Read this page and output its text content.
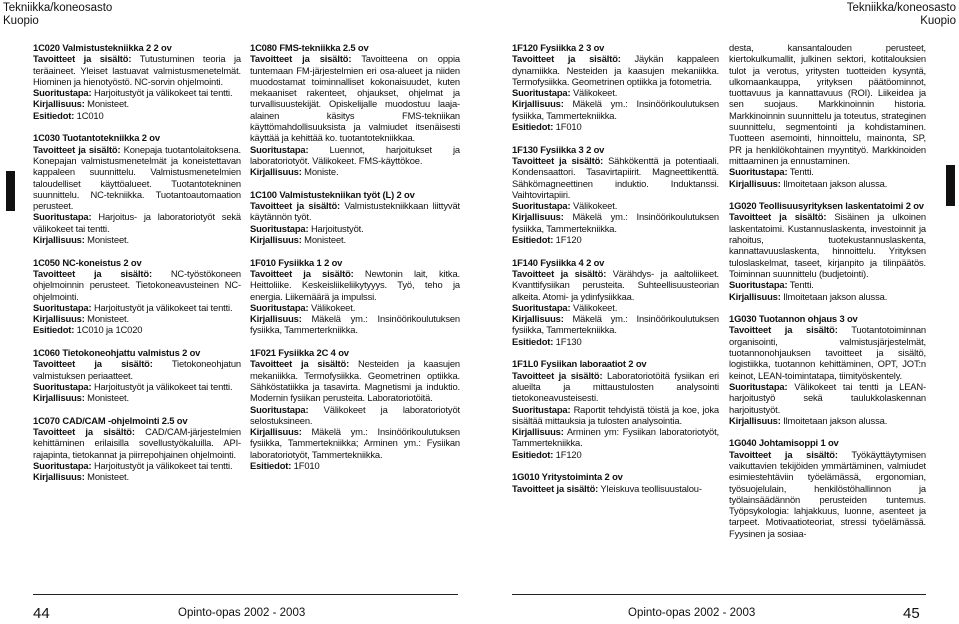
Tekniikka/koneosasto
Kuopio
Tekniikka/koneosasto
Kuopio
1C020 Valmistustekniikka 2 2 ov
Tavoitteet ja sisältö: Tutustuminen teoria ja teräaineet. Yleiset lastuavat valmistusmenetelmät. Hiominen ja hienotyöstö. NC-sorvin ohjelmointi.
Suoritustapa: Harjoitustyöt ja välikokeet tai tentti.
Kirjallisuus: Monisteet.
Esitiedot: 1C010
1C030 Tuotantotekniikka 2 ov
Tavoitteet ja sisältö: Konepaja tuotantolaitoksena. Konepajan valmistusmenetelmät ja koneistettavan kappaleen suunnittelu. Valmistusmenetelmien taloudelliset käyttöalueet. Tuotantotekninen suunnittelu. NC-tekniikka. Tuotantoautomaation perusteet.
Suoritustapa: Harjoitus- ja laboratoriotyöt sekä välikokeet tai tentti.
Kirjallisuus: Monisteet.
1C050 NC-koneistus 2 ov
Tavoitteet ja sisältö: NC-työstökoneen ohjelmoinnin perusteet. Tietokoneavusteinen NC-ohjelmointi.
Suoritustapa: Harjoitustyöt ja välikokeet tai tentti.
Kirjallisuus: Monisteet.
Esitiedot: 1C010 ja 1C020
1C060 Tietokoneohjattu valmistus 2 ov
Tavoitteet ja sisältö: Tietokoneohjatun valmistuksen periaatteet.
Suoritustapa: Harjoitustyöt ja välikokeet tai tentti.
Kirjallisuus: Monisteet.
1C070 CAD/CAM -ohjelmointi 2.5 ov
Tavoitteet ja sisältö: CAD/CAM-järjestelmien kehittäminen erilaisilla sovellustyökaluilla. API-rajapinta, tietokannat ja piirrepohjainen ohjelmointi.
Suoritustapa: Harjoitustyöt ja välikokeet tai tentti.
Kirjallisuus: Monisteet.
1C080 FMS-tekniikka 2.5 ov
Tavoitteet ja sisältö: Tavoitteena on oppia tuntemaan FM-järjestelmien eri osa-alueet ja niiden muodostamat toiminnalliset kokonaisuudet, kuten mekaaniset rakenteet, ohjaukset, ohjelmat ja turvallisuustekijät. Opiskelijalle muodostuu laaja-alainen käsitys FMS-tekniikan käyttömahdollisuuksista ja valmiudet itsenäisesti käyttää ja kehittää ko. tuotantotekniikkaa.
Suoritustapa: Luennot, harjoitukset ja laboratoriotyöt. Välikokeet. FMS-käyttökoe.
Kirjallisuus: Moniste.
1C100 Valmistustekniikan työt (L) 2 ov
Tavoitteet ja sisältö: Valmistustekniikkaan liittyvät käytännön työt.
Suoritustapa: Harjoitustyöt.
Kirjallisuus: Monisteet.
1F010 Fysiikka 1 2 ov
Tavoitteet ja sisältö: Newtonin lait, kitka. Heittoliike. Keskeisliikeliikytyyys. Työ, teho ja energia. Liikemäärä ja impulssi.
Suoritustapa: Välikokeet.
Kirjallisuus: Mäkelä ym.: Insinöörikoulutuksen fysiikka, Tammerterkniikka.
1F021 Fysiikka 2C 4 ov
Tavoitteet ja sisältö: Nesteiden ja kaasujen mekaniikka. Termofysiikka. Geometrinen optiikka. Sähköstatiikka ja tasavirta. Magnetismi ja induktio. Modernin fysiikan perusteita. Laboratoriotöitä.
Suoritustapa: Välikokeet ja laboratoriotyöt selostuksineen.
Kirjallisuus: Mäkelä ym.: Insinöörikoulutuksen fysiikka, Tammertekniikka; Arminen ym.: Fysiikan laboratoriotyöt, Tammertekniikka.
Esitiedot: 1F010
1F120 Fysiikka 2 3 ov
Tavoitteet ja sisältö: Jäykän kappaleen dynamiikka. Nesteiden ja kaasujen mekaniikka. Termofysiikka. Geometrinen optiikka ja fotometria.
Suoritustapa: Välikokeet.
Kirjallisuus: Mäkelä ym.: Insinöörikoulutuksen fysiikka, Tammertekniikka.
Esitiedot: 1F010
1F130 Fysiikka 3 2 ov
Tavoitteet ja sisältö: Sähkökenttä ja potentiaali. Kondensaattori. Tasavirtapiirit. Magneettikenttä. Sähkömagneettinen induktio. Induktanssi. Vaihtovirtapiiri.
Suoritustapa: Välikokeet.
Kirjallisuus: Mäkelä ym.: Insinöörikoulutuksen fysiikka, Tammertekniikka.
Esitiedot: 1F120
1F140 Fysiikka 4 2 ov
Tavoitteet ja sisältö: Värähdys- ja aaltoliikeet. Kvanttifysiikan perusteita. Suhteellisuusteorian alkeita. Atomi- ja ydinfysiikkaa.
Suoritustapa: Välikokeet.
Kirjallisuus: Mäkelä ym.: Insinöörikoulutuksen fysiikka, Tammertekniikka.
Esitiedot: 1F130
1F1L0 Fysiikan laboraatiot 2 ov
Tavoitteet ja sisältö: Laboratoriotöitä fysiikan eri alueilta ja mittaustulosten analysointi tietokoneavusteisesti.
Suoritustapa: Raportit tehdyistä töistä ja koe, joka sisältää mittauksia ja tulosten analysointia.
Kirjallisuus: Arminen ym: Fysiikan laboratoriotyöt, Tammertekniikka.
Esitiedot: 1F120
1G010 Yritystoiminta 2 ov
Tavoitteet ja sisältö: Yleiskuva teollisuustalou-
desta, kansantalouden perusteet, kiertokulkumallit, julkinen sektori, kotitalouksien tulot ja verotus, yritysten tuotteiden kysyntä, ulkomaankauppa, yrityksen päätöominnot, tuottavuus ja kannattavuus (ROI). Liikeidea ja sen suojaus. Markkinoinnin historia. Markkinoinnin suunnittelu ja toteutus, strateginen suunnittelu, segmentointi ja kohdistaminen. Tuotteen asemointi, hinnoittelu, mainonta, SP, PR ja henkilökohtainen myyntityö. Markkinoiden mittaaminen ja ennustaminen.
Suoritustapa: Tentti.
Kirjallisuus: Ilmoitetaan jakson alussa.
1G020 Teollisuusyrityksen laskentatoimi 2 ov
Tavoitteet ja sisältö: Sisäinen ja ulkoinen laskentatoimi. Kustannuslaskenta, investoinnit ja rahoitus, tuotekustannuslaskenta, kannattavuuslaskenta, hinnoittelu. Yrityksen tuloslaskelmat, taseet, kirjanpito ja tilinpäätös. Toiminnan suunnittelu (budjetointi).
Suoritustapa: Tentti.
Kirjallisuus: Ilmoitetaan jakson alussa.
1G030 Tuotannon ohjaus 3 ov
Tavoitteet ja sisältö: Tuotantotoiminnan organisointi, valmistusjärjestelmät, tuotannonohjauksen tavoitteet ja sisältö, logistiikka, tuotannon kehittäminen, OPT, JOT:n keinot, LEAN-toimintatapa, tiimityöskentely.
Suoritustapa: Välikokeet tai tentti ja LEAN-harjoitustyö sekä taulukkolaskennan harjoitustyöt.
Kirjallisuus: Ilmoitetaan jakson alussa.
1G040 Johtamisoppi 1 ov
Tavoitteet ja sisältö: Työkäyttäytymisen vaikuttavien tekijöiden ymmärtäminen, valmiudet esimiestehtäviin työelämässä, ergonomian, työsuojelulain, henkilöstöhallinnon ja työlainsäädännön perusteiden tuntemus. Työpsykologia: lahjakkuus, luonne, asenteet ja tarpeet. Motivaatioteoriat, stressi työelämässä. Fyysinen ja sosiaa-
44	Opinto-opas 2002 - 2003	Opinto-opas 2002 - 2003	45
